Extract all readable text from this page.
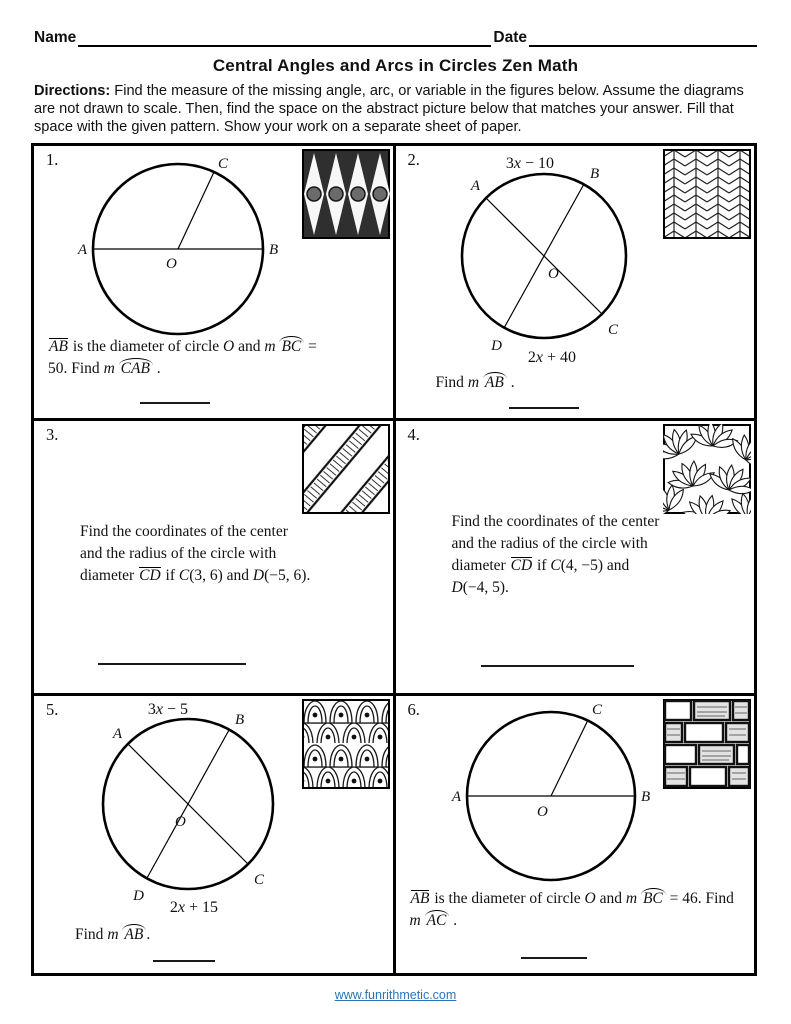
Name	Date
Central Angles and Arcs in Circles Zen Math
Directions: Find the measure of the missing angle, arc, or variable in the figures below. Assume the diagrams are not drawn to scale. Then, find the space on the abstract picture below that matches your answer. Fill that space with the given pattern. Show your work on a separate sheet of paper.
1.
A	B
C
O
AB is the diameter of circle O and m BC =
50. Find m CAB .
2.	3x − 10
A
B
C
D
O
2x + 40
Find m AB .
3.
Find the coordinates of the center
and the radius of the circle with
diameter CD if C(3, 6) and D(−5, 6).
4.
Find the coordinates of the center
and the radius of the circle with
diameter CD if C(4, −5) and
D(−4, 5).
5.	3x − 5
A
B
C
D
O
2x + 15
Find m AB .
6.
A	B
C
O
AB is the diameter of circle O and m BC = 46. Find
m AC .
www.funrithmetic.com
